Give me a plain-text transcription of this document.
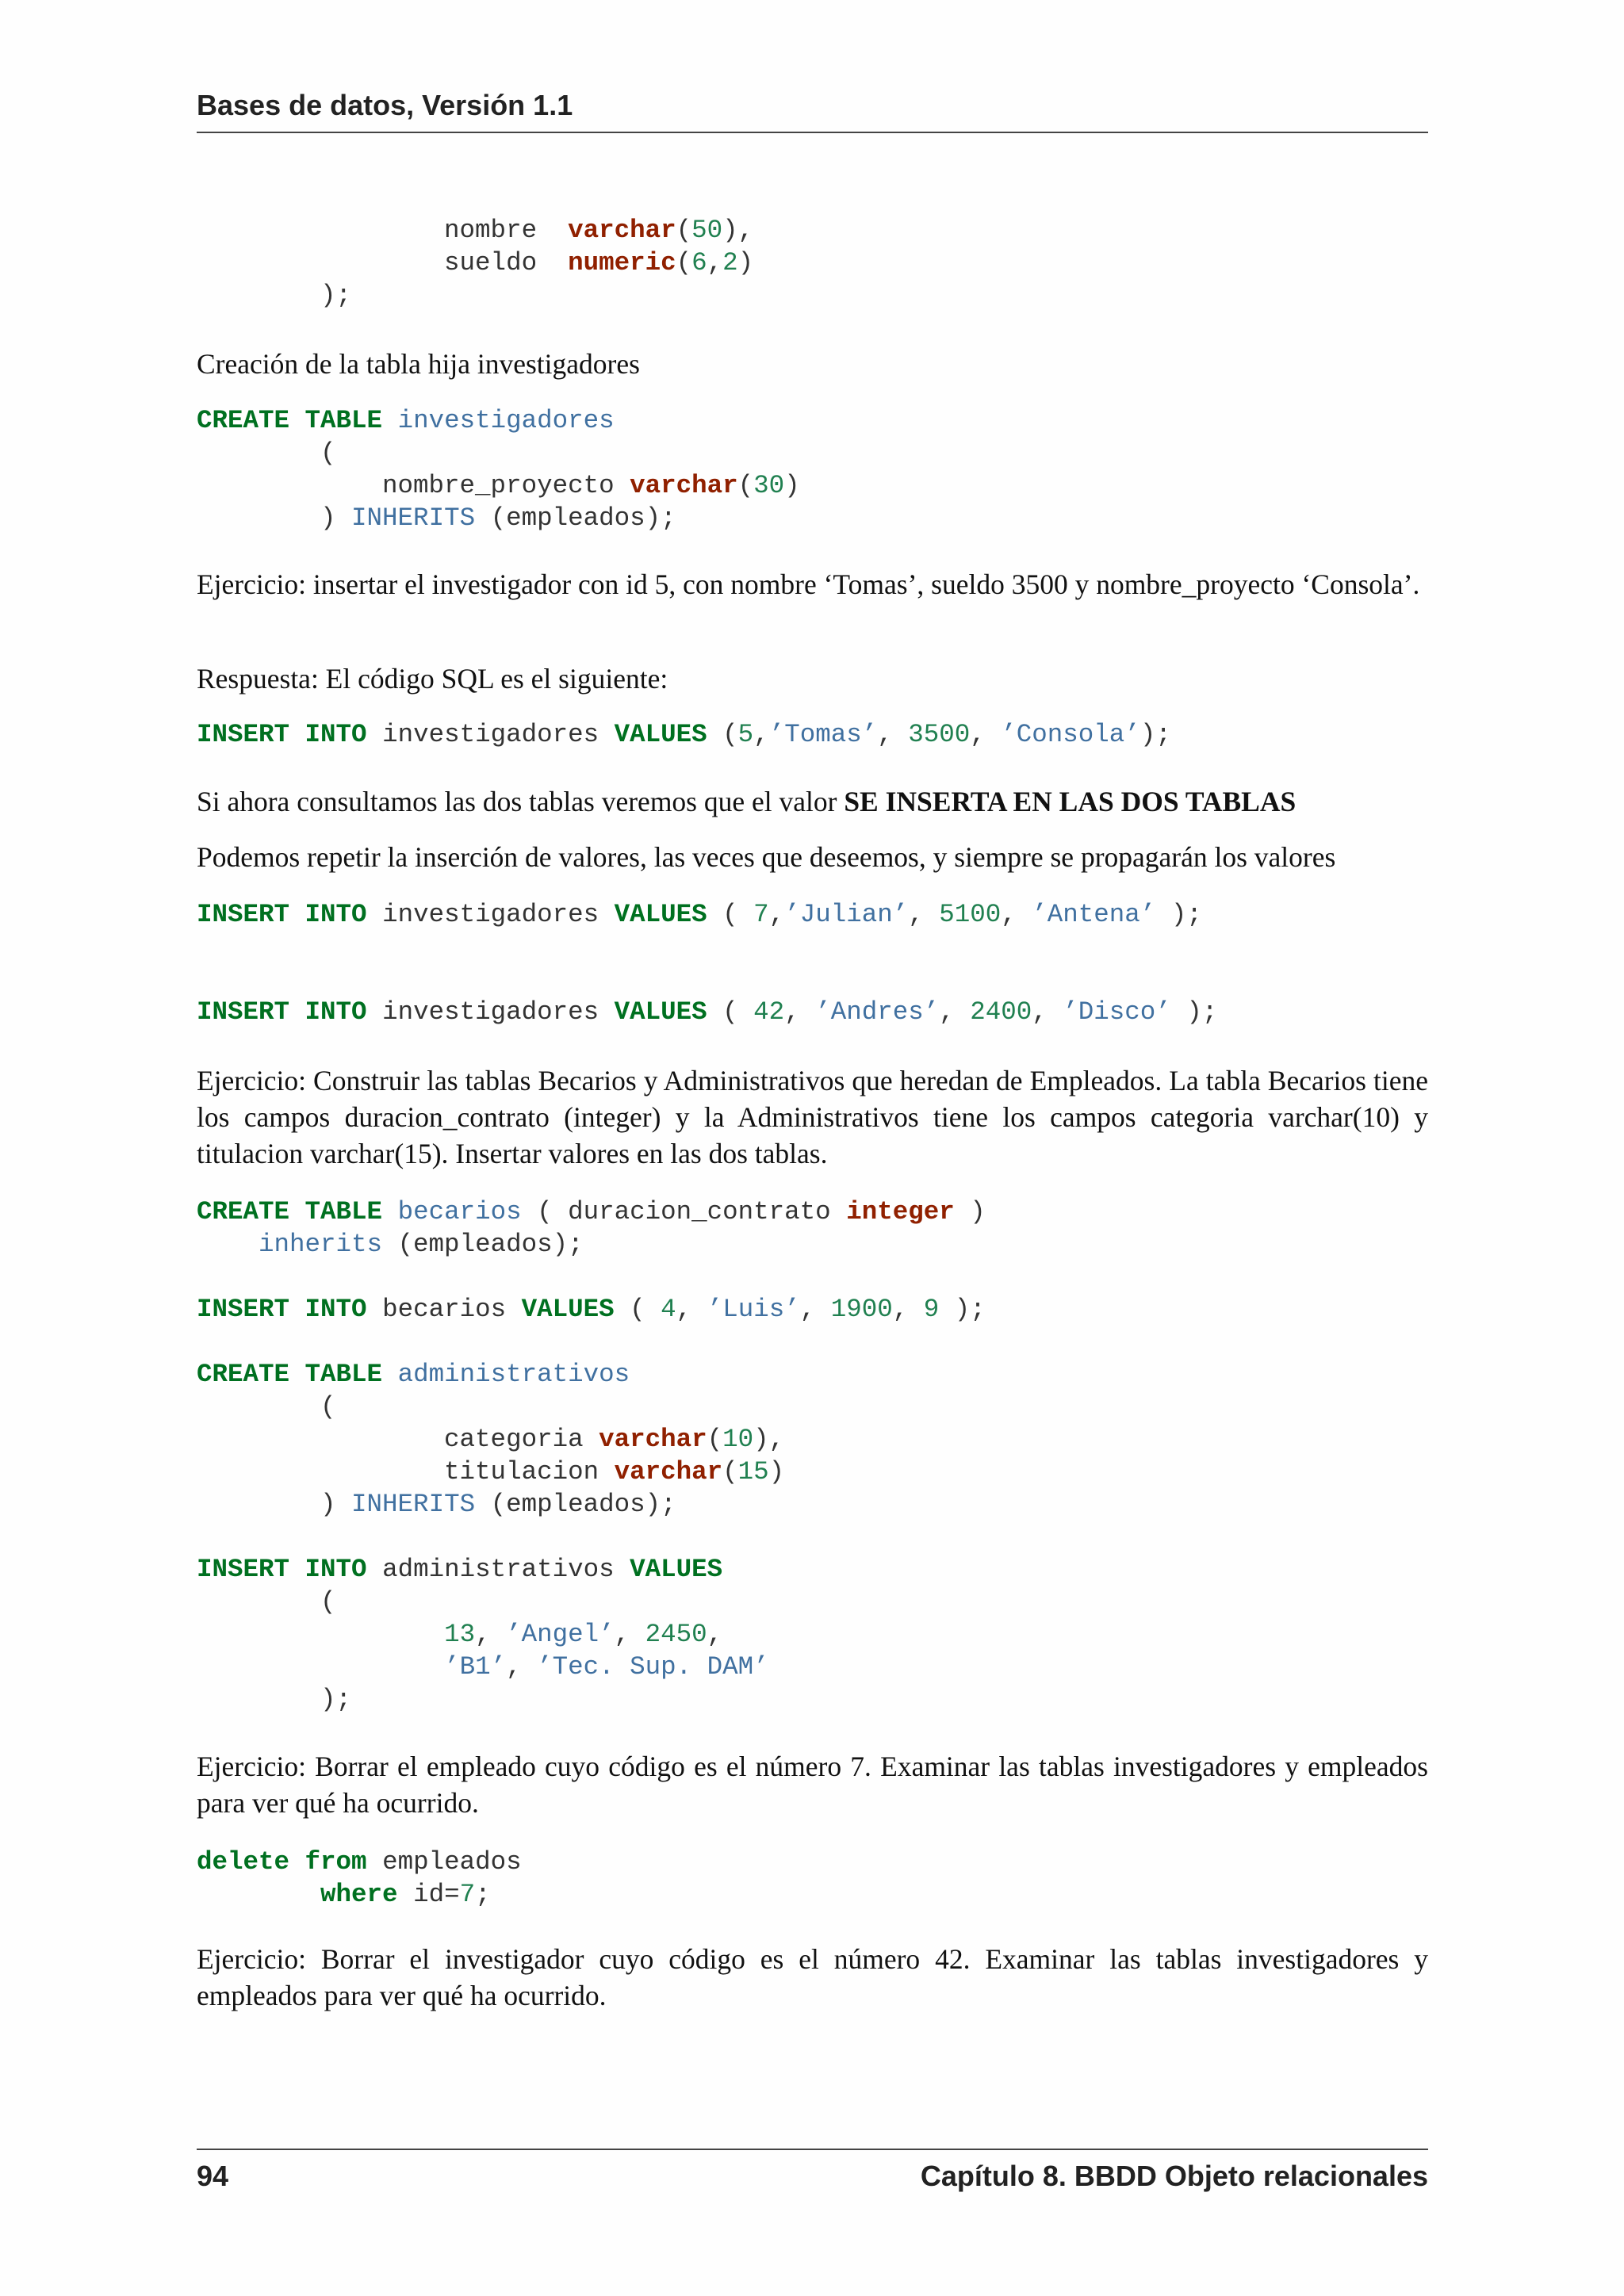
Bases de datos, Versión 1.1
nombre  varchar(50),
sueldo  numeric(6,2)
);
Creación de la tabla hija investigadores
CREATE TABLE investigadores
(
nombre_proyecto varchar(30)
) INHERITS (empleados);
Ejercicio: insertar el investigador con id 5, con nombre ‘Tomas’, sueldo 3500 y nombre_proyecto ‘Consola’.
Respuesta: El código SQL es el siguiente:
INSERT INTO investigadores VALUES (5,’Tomas’, 3500, ’Consola’);
Si ahora consultamos las dos tablas veremos que el valor SE INSERTA EN LAS DOS TABLAS
Podemos repetir la inserción de valores, las veces que deseemos, y siempre se propagarán los valores
INSERT INTO investigadores VALUES ( 7,’Julian’, 5100, ’Antena’ );
INSERT INTO investigadores VALUES ( 42, ’Andres’, 2400, ’Disco’ );
Ejercicio: Construir las tablas Becarios y Administrativos que heredan de Empleados. La tabla Becarios tiene los campos duracion_contrato (integer) y la Administrativos tiene los campos categoria varchar(10) y titulacion varchar(15). Insertar valores en las dos tablas.
CREATE TABLE becarios ( duracion_contrato integer )
inherits (empleados);

INSERT INTO becarios VALUES ( 4, ’Luis’, 1900, 9 );

CREATE TABLE administrativos
(
categoria varchar(10),
titulacion varchar(15)
) INHERITS (empleados);

INSERT INTO administrativos VALUES
(
13, ’Angel’, 2450,
’B1’, ’Tec. Sup. DAM’
);
Ejercicio: Borrar el empleado cuyo código es el número 7. Examinar las tablas investigadores y empleados para ver qué ha ocurrido.
delete from empleados
where id=7;
Ejercicio: Borrar el investigador cuyo código es el número 42. Examinar las tablas investigadores y empleados para ver qué ha ocurrido.
94	Capítulo 8. BBDD Objeto relacionales
